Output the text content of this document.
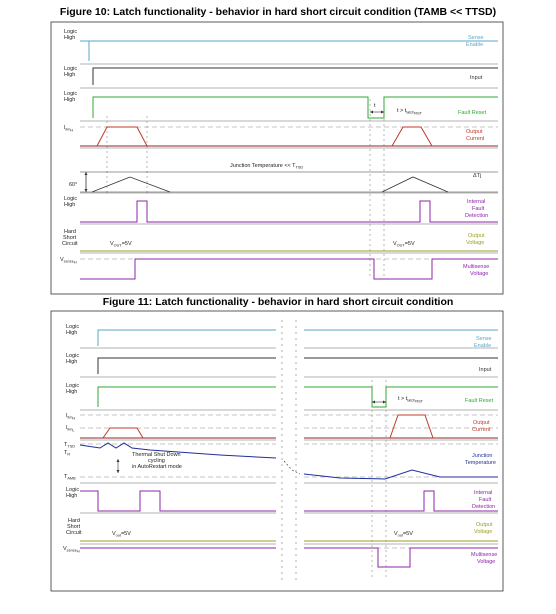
Figure 10: Latch functionality - behavior in hard short circuit condition (TAMB << TTSD)
Logic
High	Sense
Enable
Logic
High	Input
Logic
High
t
$t > t_{latch}RST$	Fault Reset
$I_{lim}H$	Output
Current
60°
Junction Temperature << $T_{TSD}$
ΔTj
Logic
High	Internal
Fault
Detection
Hard
Short
Circuit	$V_{OUT}=5V$	$V_{OUT}=5V$
Output
Voltage
$V_{sense}H$
Multisense
Voltage
Figure 11: Latch functionality - behavior in hard short circuit condition
Logic
High
Sense
Enable
Logic
High
Input
Logic
High
$t > t_{latch}RST$	Fault Reset
$I_{lim}H$
$I_{lim}L$
Output
Current
$T_{TSD}$
$T_R$
$T_{AMB}$
Thermal Shut Down
cycling
in AutoRestart mode
Junction
Temperature
Logic
High	Internal
Fault
Detection
Hard
Short
Circuit	$V_{out}=5V$	$V_{out}=5V$
Output
Voltage
$V_{sense}H$
Multisense
Voltage
